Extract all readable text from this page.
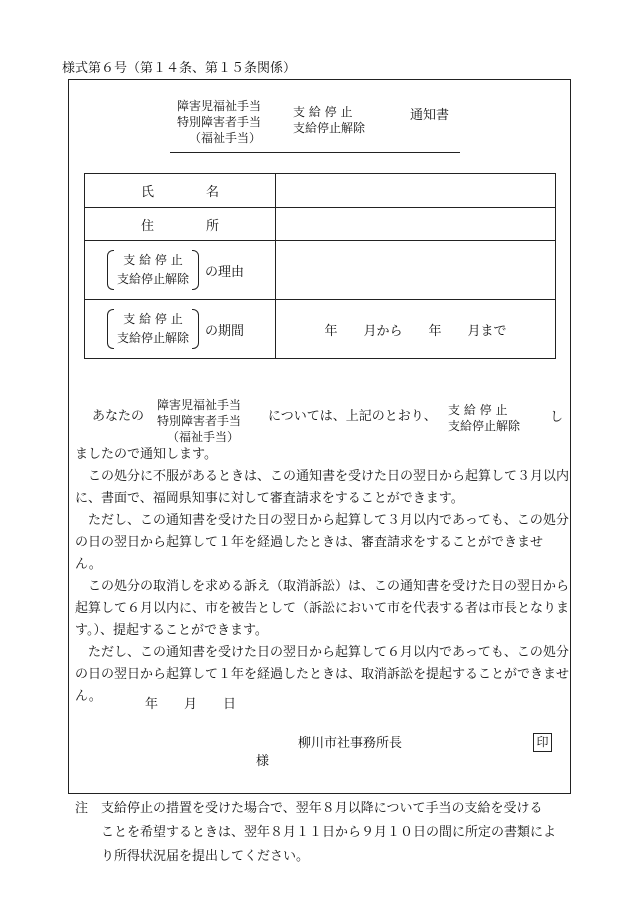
様式第６号（第１４条、第１５条関係）
障害児福祉手当
特別障害者手当
（福祉手当）
支 給 停 止
支給停止解除
通知書
氏　　　　名	

住　　　　所	

支 給 停 止
支給停止解除 の理由	
支 給 停 止
支給停止解除 の期間	年　　月から　　年　　月まで
あなたの
障害児福祉手当
特別障害者手当
（福祉手当）
については、上記のとおり、 支 給 停 止
支給停止解除
し

ましたので通知します。

　この処分に不服があるときは、この通知書を受けた日の翌日から起算して３月以内に、書面で、福岡県知事に対して審査請求をすることができます。

　ただし、この通知書を受けた日の翌日から起算して３月以内であっても、この処分の日の翌日から起算して１年を経過したときは、審査請求をすることができません。

　この処分の取消しを求める訴え（取消訴訟）は、この通知書を受けた日の翌日から起算して６月以内に、市を被告として（訴訟において市を代表する者は市長となります。）、提起することができます。

　ただし、この通知書を受けた日の翌日から起算して６月以内であっても、この処分の日の翌日から起算して１年を経過したときは、取消訴訟を提起することができません。

年　　月　　日
柳川市社事務所長	印
様

注　支給停止の措置を受けた場合で、翌年８月以降について手当の支給を受ける

　　ことを希望するときは、翌年８月１１日から９月１０日の間に所定の書類によ

　　り所得状況届を提出してください。
